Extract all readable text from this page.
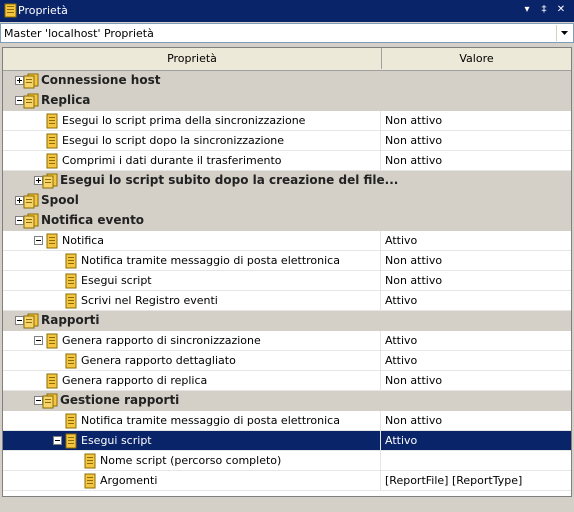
Proprietà	▾	‡	✕
Master 'localhost' Proprietà
Proprietà	Valore
Connessione host
Replica
Esegui lo script prima della sincronizzazione	Non attivo
Esegui lo script dopo la sincronizzazione	Non attivo
Comprimi i dati durante il trasferimento	Non attivo
Esegui lo script subito dopo la creazione del file...
Spool
Notifica evento
Notifica	Attivo
Notifica tramite messaggio di posta elettronica	Non attivo
Esegui script	Non attivo
Scrivi nel Registro eventi	Attivo
Rapporti
Genera rapporto di sincronizzazione	Attivo
Genera rapporto dettagliato	Attivo
Genera rapporto di replica	Non attivo
Gestione rapporti
Notifica tramite messaggio di posta elettronica	Non attivo
Esegui script	Attivo
Nome script (percorso completo)
Argomenti	[ReportFile] [ReportType]
